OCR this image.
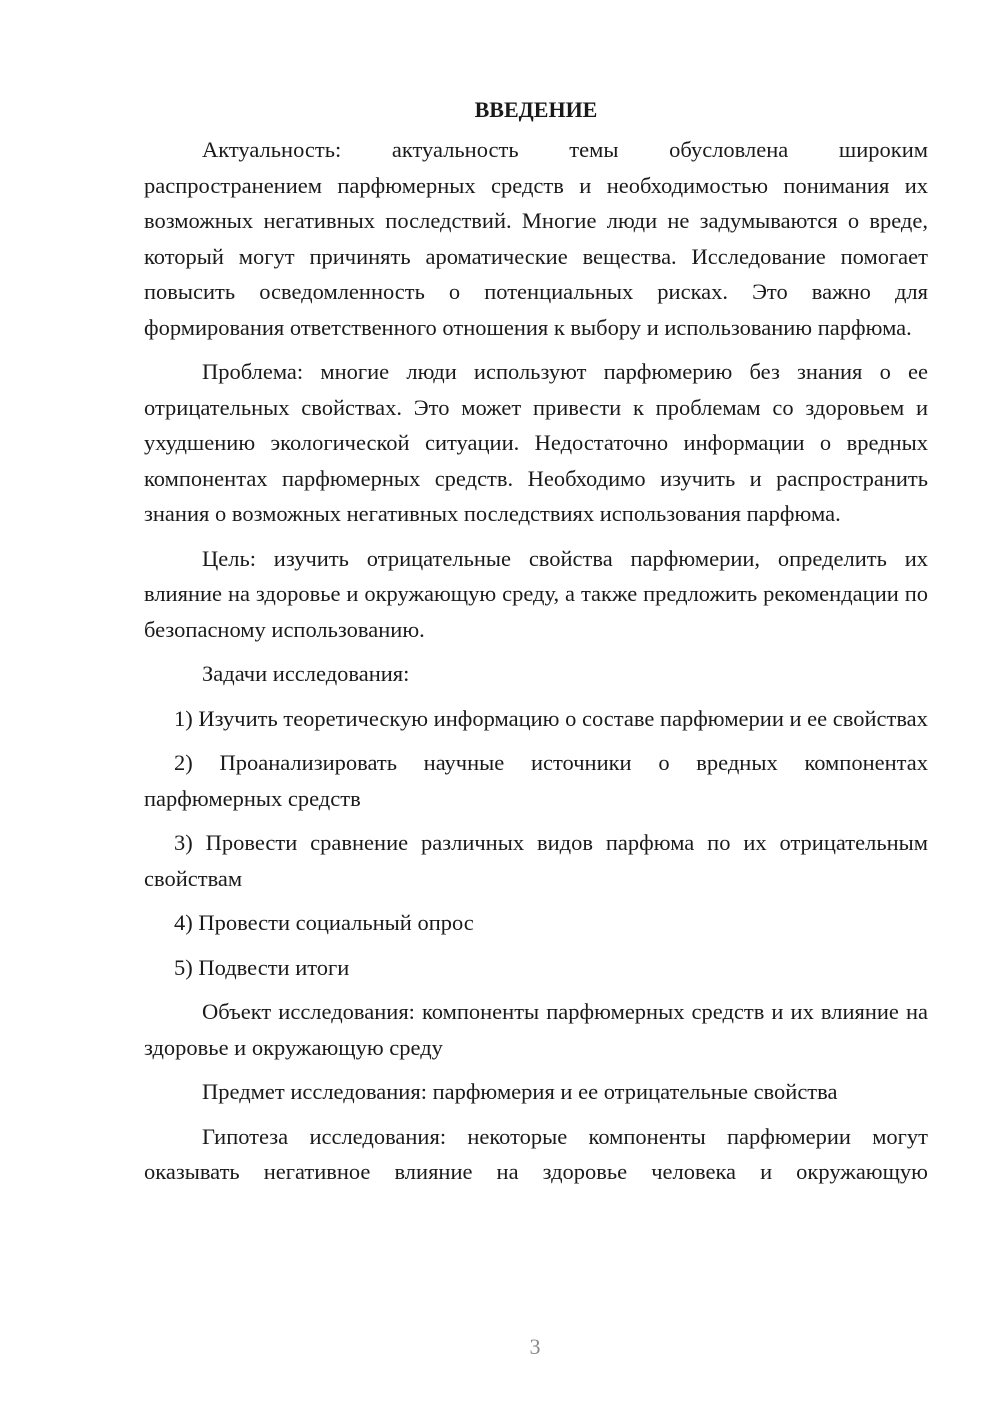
ВВЕДЕНИЕ

Актуальность: актуальность темы обусловлена широким распространением парфюмерных средств и необходимостью понимания их возможных негативных последствий. Многие люди не задумываются о вреде, который могут причинять ароматические вещества. Исследование помогает повысить осведомленность о потенциальных рисках. Это важно для формирования ответственного отношения к выбору и использованию парфюма.

Проблема: многие люди используют парфюмерию без знания о ее отрицательных свойствах. Это может привести к проблемам со здоровьем и ухудшению экологической ситуации. Недостаточно информации о вредных компонентах парфюмерных средств. Необходимо изучить и распространить знания о возможных негативных последствиях использования парфюма.

Цель: изучить отрицательные свойства парфюмерии, определить их влияние на здоровье и окружающую среду, а также предложить рекомендации по безопасному использованию.

Задачи исследования:

1) Изучить теоретическую информацию о составе парфюмерии и ее свойствах

2) Проанализировать научные источники о вредных компонентах парфюмерных средств

3) Провести сравнение различных видов парфюма по их отрицательным свойствам

4) Провести социальный опрос

5) Подвести итоги

Объект исследования: компоненты парфюмерных средств и их влияние на здоровье и окружающую среду

Предмет исследования: парфюмерия и ее отрицательные свойства

Гипотеза исследования: некоторые компоненты парфюмерии могут оказывать негативное влияние на здоровье человека и окружающую

3
